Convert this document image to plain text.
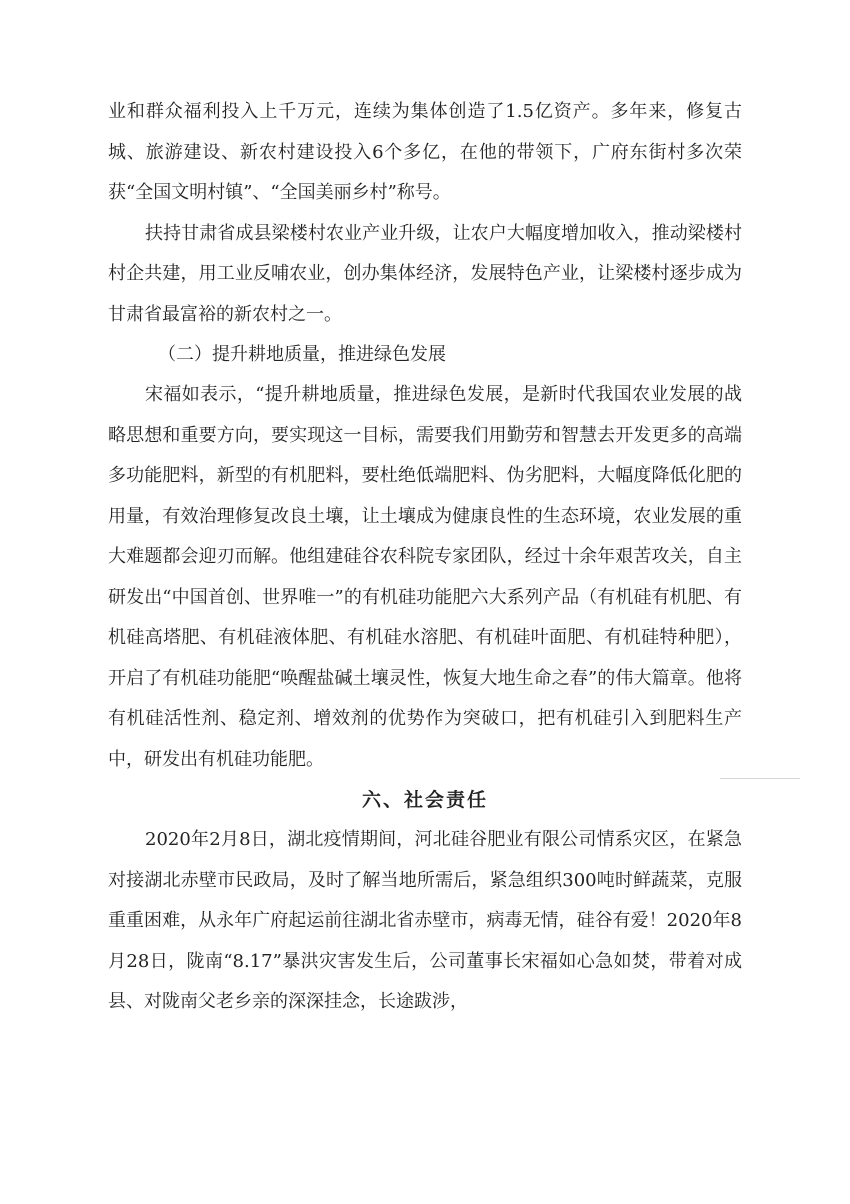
业和群众福利投入上千万元，连续为集体创造了1.5亿资产。多年来，修复古城、旅游建设、新农村建设投入6个多亿，在他的带领下，广府东街村多次荣获“全国文明村镇”、“全国美丽乡村”称号。

扶持甘肃省成县梁楼村农业产业升级，让农户大幅度增加收入，推动梁楼村村企共建，用工业反哺农业，创办集体经济，发展特色产业，让梁楼村逐步成为甘肃省最富裕的新农村之一。

（二）提升耕地质量，推进绿色发展

宋福如表示，“提升耕地质量，推进绿色发展，是新时代我国农业发展的战略思想和重要方向，要实现这一目标，需要我们用勤劳和智慧去开发更多的高端多功能肥料，新型的有机肥料，要杜绝低端肥料、伪劣肥料，大幅度降低化肥的用量，有效治理修复改良土壤，让土壤成为健康良性的生态环境，农业发展的重大难题都会迎刃而解。他组建硅谷农科院专家团队，经过十余年艰苦攻关，自主研发出“中国首创、世界唯一”的有机硅功能肥六大系列产品（有机硅有机肥、有机硅高塔肥、有机硅液体肥、有机硅水溶肥、有机硅叶面肥、有机硅特种肥），开启了有机硅功能肥“唤醒盐碱土壤灵性，恢复大地生命之春”的伟大篇章。他将有机硅活性剂、稳定剂、增效剂的优势作为突破口，把有机硅引入到肥料生产中，研发出有机硅功能肥。

六、社会责任

2020年2月8日，湖北疫情期间，河北硅谷肥业有限公司情系灾区，在紧急对接湖北赤壁市民政局，及时了解当地所需后，紧急组织300吨时鲜蔬菜，克服重重困难，从永年广府起运前往湖北省赤壁市，病毒无情，硅谷有爱！2020年8月28日，陇南“8.17”暴洪灾害发生后，公司董事长宋福如心急如焚，带着对成县、对陇南父老乡亲的深深挂念，长途跋涉，
